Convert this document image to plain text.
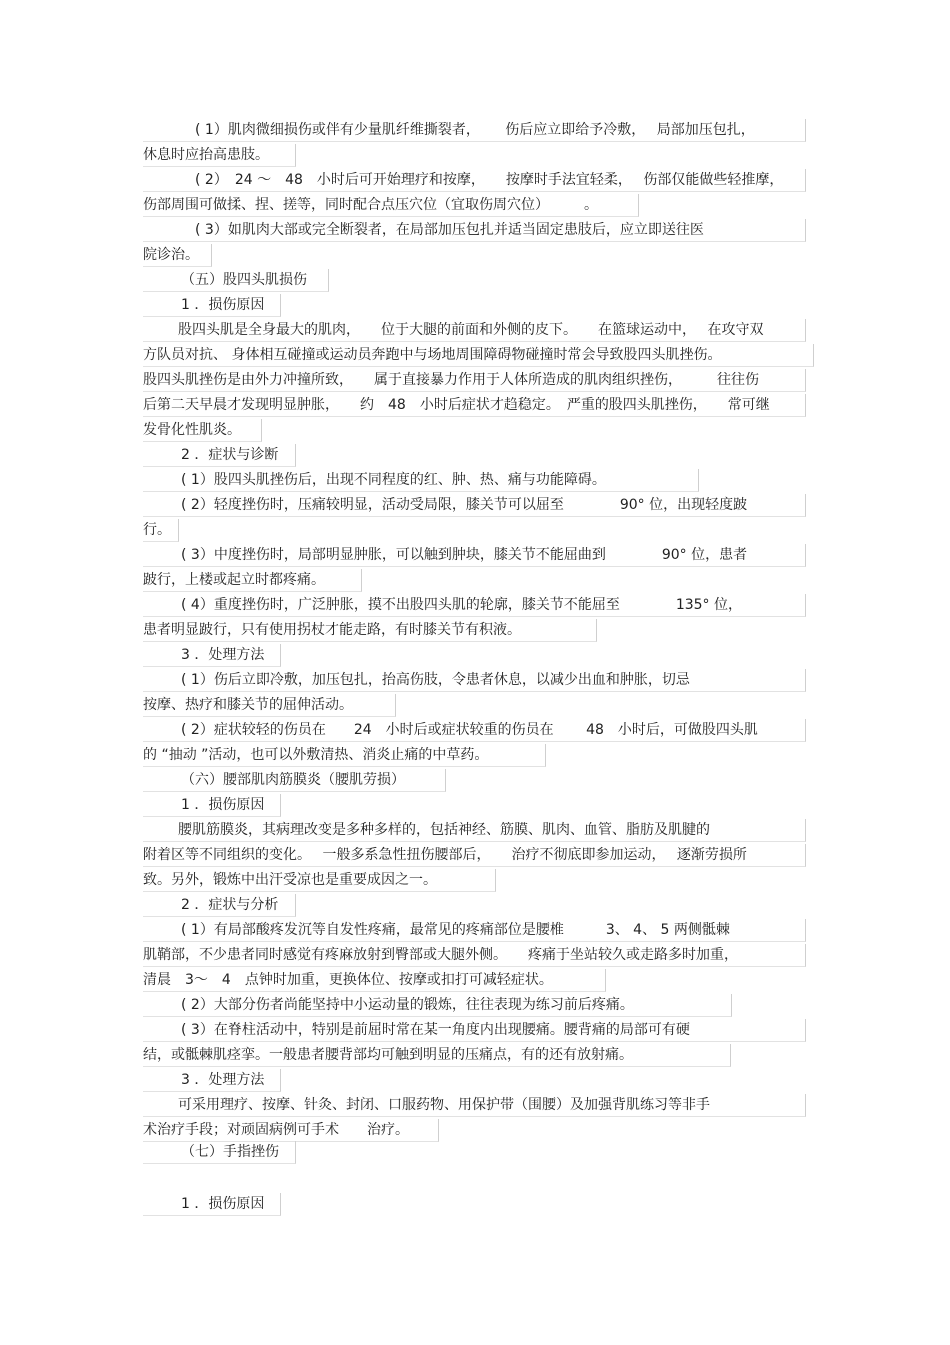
　( 1）肌肉微细损伤或伴有少量肌纤维撕裂者，　　 伤后应立即给予冷敷，　 局部加压包扎，
休息时应抬高患肢。
　( 2）　24 ～　48　小时后可开始理疗和按摩，　　按摩时手法宜轻柔，　 伤部仅能做些轻推摩，
伤部周围可做揉、捏、搓等，同时配合点压穴位（宜取伤周穴位）　　　。
　( 3）如肌肉大部或完全断裂者，在局部加压包扎并适当固定患肢后，应立即送往医
院诊治。
（五）股四头肌损伤
1 ．损伤原因
股四头肌是全身最大的肌肉，　　位于大腿的前面和外侧的皮下。　　在篮球运动中，　 在攻守双
方队员对抗、 身体相互碰撞或运动员奔跑中与场地周围障碍物碰撞时常会导致股四头肌挫伤。
股四头肌挫伤是由外力冲撞所致，　　属于直接暴力作用于人体所造成的肌肉组织挫伤，　　　往往伤
后第二天早晨才发现明显肿胀，　　约　48　小时后症状才趋稳定。　严重的股四头肌挫伤，　　常可继
发骨化性肌炎。
2 ．症状与诊断
( 1）股四头肌挫伤后，出现不同程度的红、肿、热、痛与功能障碍。
( 2）轻度挫伤时，压痛较明显，活动受局限，膝关节可以屈至　　　　90° 位，出现轻度跛
行。
( 3）中度挫伤时，局部明显肿胀，可以触到肿块，膝关节不能屈曲到　　　　90° 位，患者
跛行，上楼或起立时都疼痛。
( 4）重度挫伤时，广泛肿胀，摸不出股四头肌的轮廓，膝关节不能屈至　　　　135° 位，
患者明显跛行，只有使用拐杖才能走路，有时膝关节有积液。
3 ．处理方法
( 1）伤后立即冷敷，加压包扎，抬高伤肢，令患者休息，以减少出血和肿胀，切忌
按摩、热疗和膝关节的屈伸活动。
( 2）症状较轻的伤员在　　24　小时后或症状较重的伤员在　　 48　小时后，可做股四头肌
的 “抽动 ”活动，也可以外敷清热、消炎止痛的中草药。
（六）腰部肌肉筋膜炎（腰肌劳损）
1 ．损伤原因
腰肌筋膜炎，其病理改变是多种多样的，包括神经、筋膜、肌肉、血管、脂肪及肌腱的
附着区等不同组织的变化。　 一般多系急性扭伤腰部后，　　治疗不彻底即参加运动，　 逐渐劳损所
致。另外，锻炼中出汗受凉也是重要成因之一。
2 ．症状与分析
( 1）有局部酸疼发沉等自发性疼痛，最常见的疼痛部位是腰椎　　　3、 4、 5 两侧骶棘
肌鞘部，不少患者同时感觉有疼麻放射到臀部或大腿外侧。　　疼痛于坐站较久或走路多时加重，
清晨　3～　4　点钟时加重，更换体位、按摩或扣打可减轻症状。
( 2）大部分伤者尚能坚持中小运动量的锻炼，往往表现为练习前后疼痛。
( 3）在脊柱活动中，特别是前屈时常在某一角度内出现腰痛。腰背痛的局部可有硬
结，或骶棘肌痉挛。一般患者腰背部均可触到明显的压痛点，有的还有放射痛。
3 ．处理方法
可采用理疗、按摩、针灸、封闭、口服药物、用保护带（围腰）及加强背肌练习等非手
术治疗手段；对顽固病例可手术　　治疗。
（七）手指挫伤
1 ．损伤原因
